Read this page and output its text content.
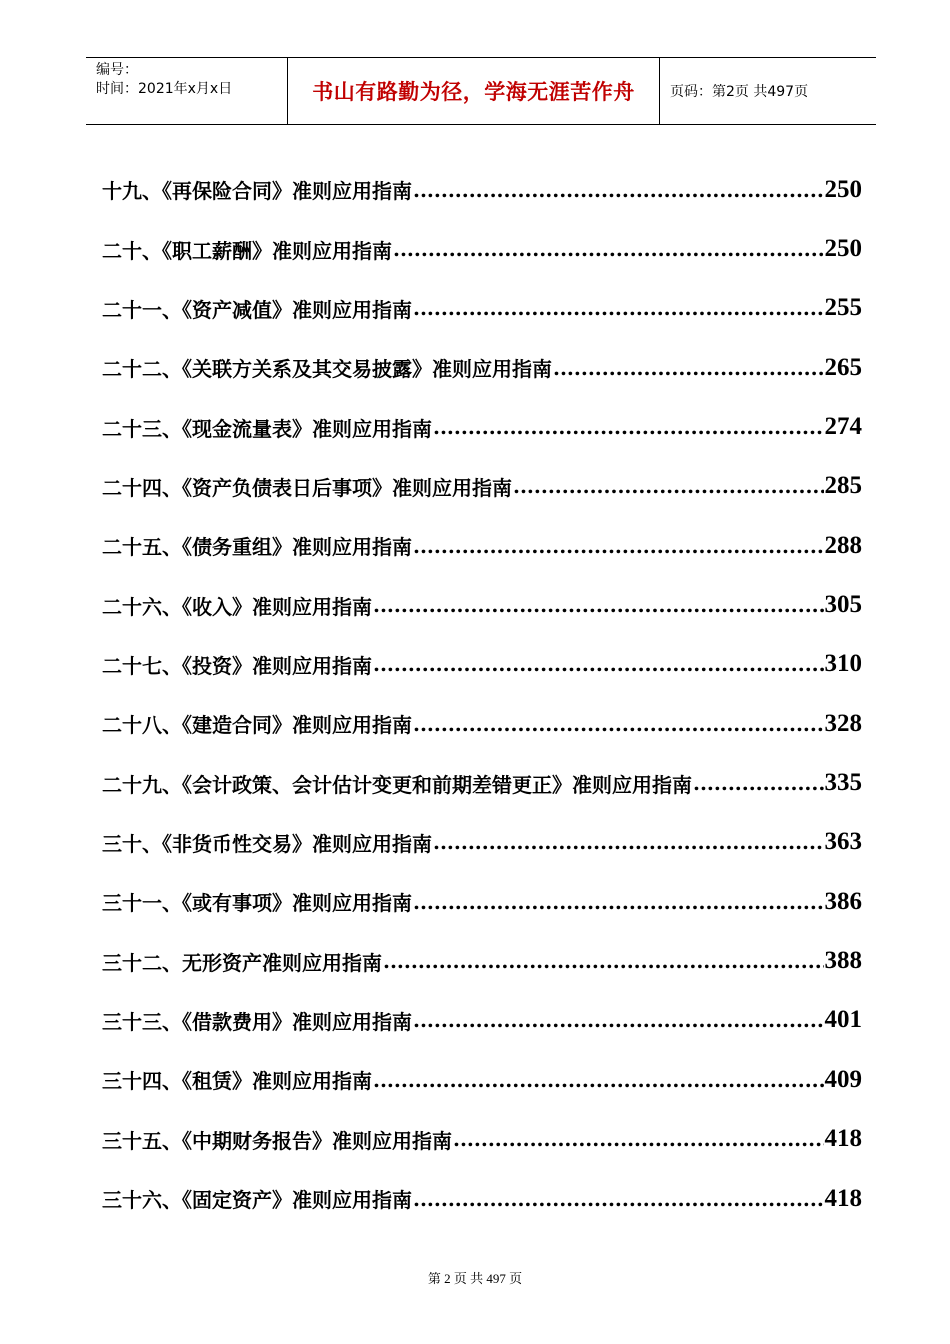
编号：
时间：2021年x月x日	书山有路勤为径，学海无涯苦作舟	页码：第2页 共497页
十九、《再保险合同》准则应用指南 .....	250
二十、《职工薪酬》准则应用指南 .....	250
二十一、《资产减值》准则应用指南 .....	255
二十二、《关联方关系及其交易披露》准则应用指南 .....	265
二十三、《现金流量表》准则应用指南 .....	274
二十四、《资产负债表日后事项》准则应用指南 .....	285
二十五、《债务重组》准则应用指南 .....	288
二十六、《收入》准则应用指南 .....	305
二十七、《投资》准则应用指南 .....	310
二十八、《建造合同》准则应用指南 .....	328
二十九、《会计政策、会计估计变更和前期差错更正》准则应用指南 .....	335
三十、《非货币性交易》准则应用指南 .....	363
三十一、《或有事项》准则应用指南 .....	386
三十二、无形资产准则应用指南 .....	388
三十三、《借款费用》准则应用指南 .....	401
三十四、《租赁》准则应用指南 .....	409
三十五、《中期财务报告》准则应用指南 .....	418
三十六、《固定资产》准则应用指南 .....	418
第 2 页 共 497 页
